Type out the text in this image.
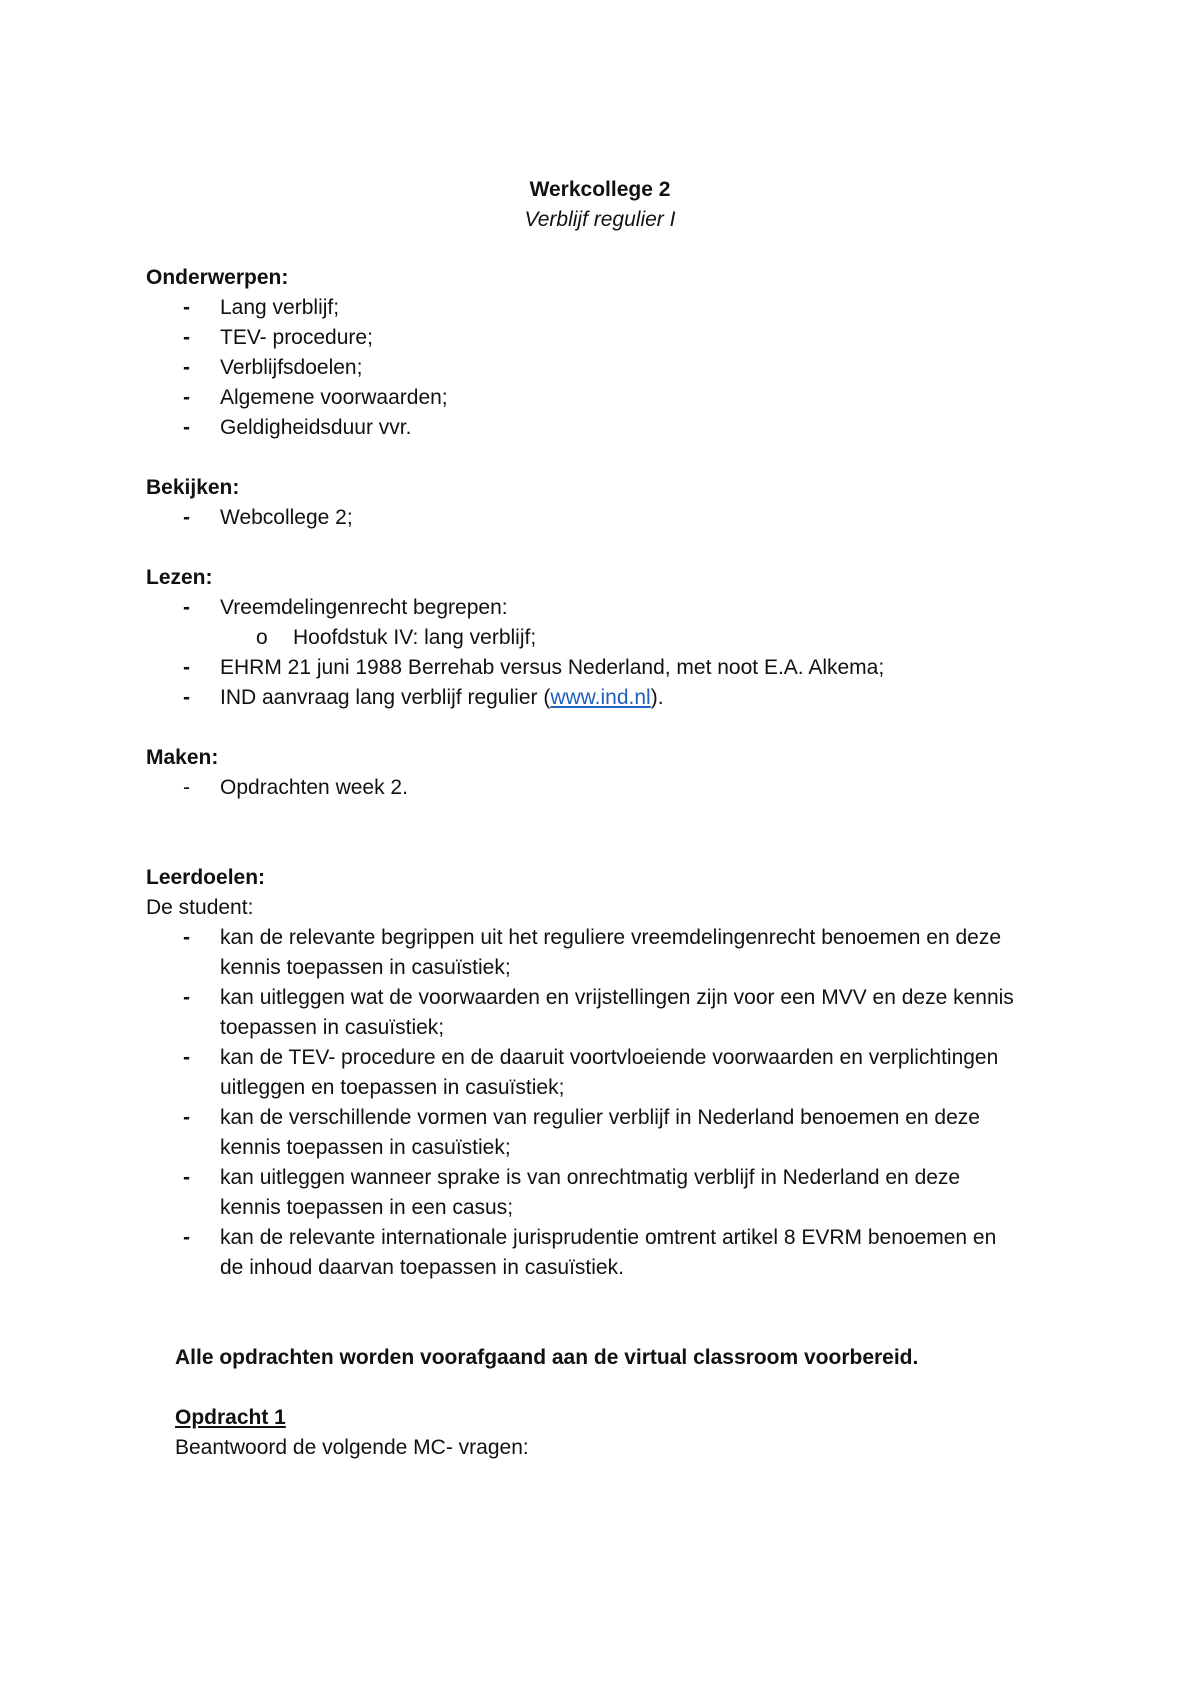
Werkcollege 2
Verblijf regulier I
Onderwerpen:
- Lang verblijf;
- TEV- procedure;
- Verblijfsdoelen;
- Algemene voorwaarden;
- Geldigheidsduur vvr.
Bekijken:
- Webcollege 2;
Lezen:
- Vreemdelingenrecht begrepen:
o Hoofdstuk IV: lang verblijf;
- EHRM 21 juni 1988 Berrehab versus Nederland, met noot E.A. Alkema;
- IND aanvraag lang verblijf regulier (www.ind.nl).
Maken:
- Opdrachten week 2.
Leerdoelen:
De student:
- kan de relevante begrippen uit het reguliere vreemdelingenrecht benoemen en deze
kennis toepassen in casuïstiek;
- kan uitleggen wat de voorwaarden en vrijstellingen zijn voor een MVV en deze kennis
toepassen in casuïstiek;
- kan de TEV- procedure en de daaruit voortvloeiende voorwaarden en verplichtingen
uitleggen en toepassen in casuïstiek;
- kan de verschillende vormen van regulier verblijf in Nederland benoemen en deze
kennis toepassen in casuïstiek;
- kan uitleggen wanneer sprake is van onrechtmatig verblijf in Nederland en deze
kennis toepassen in een casus;
- kan de relevante internationale jurisprudentie omtrent artikel 8 EVRM benoemen en
de inhoud daarvan toepassen in casuïstiek.
Alle opdrachten worden voorafgaand aan de virtual classroom voorbereid.
Opdracht 1
Beantwoord de volgende MC- vragen:
